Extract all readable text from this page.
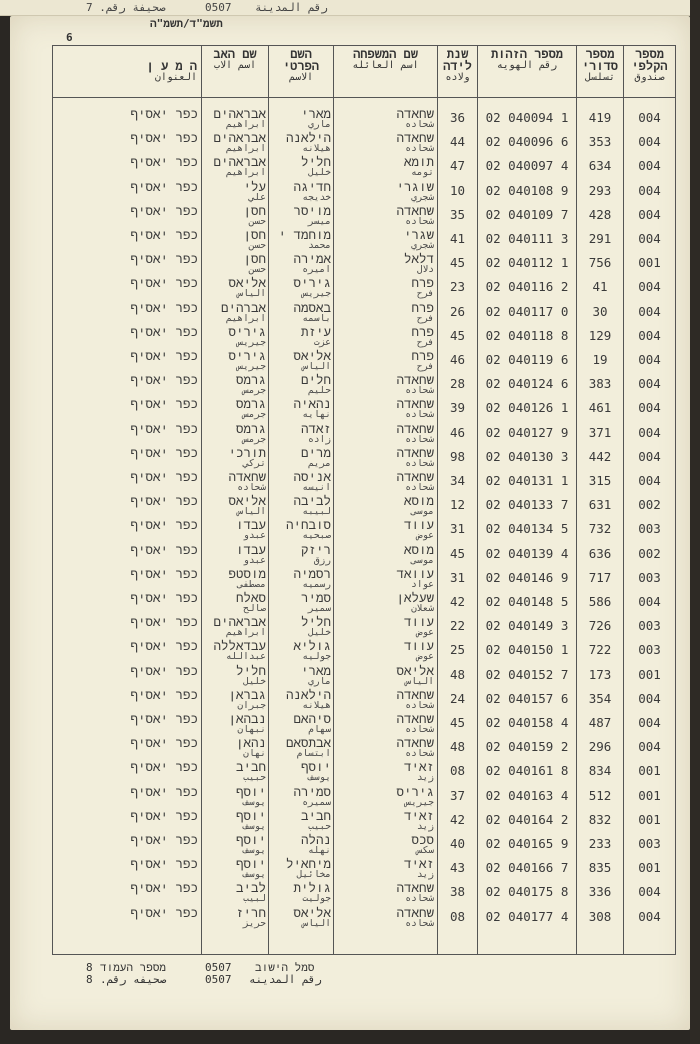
رقم المدينة
0507
صحيفة رقم. 7
תשמ"ד/תשמ"ה
6
מספר הקלפי
صندوق
מספר סדורי
تسلسل
מספר הזהות
رقم الهويه
שנת לידה
ولاده
שם המשפחה
اسم العائله
השם הפרטי
الاسم
שם האב
اسم الاب
ה מ ע ן
العنوان
004
419
02 040094 1
36
שחאדה
شحاده
מארי
ماري
אבראהים
ابراهيم
כפר יאסיף
004
353
02 040096 6
44
שחאדה
شحاده
הילאנה
هيلانه
אבראהים
ابراهيم
כפר יאסיף
004
634
02 040097 4
47
תומא
تومه
חליל
خليل
אבראהים
ابراهيم
כפר יאסיף
004
293
02 040108 9
10
שוגרי
شجري
חדיגה
خديجه
עלי
علي
כפר יאסיף
004
428
02 040109 7
35
שחאדה
شحاده
מויסר
ميسر
חסן
حسن
כפר יאסיף
004
291
02 040111 3
41
שגרי
شجري
מוחמד י
محمد
חסן
حسن
כפר יאסיף
001
756
02 040112 1
45
דלאל
دلال
אמירה
اميره
חסן
حسن
כפר יאסיף
004
41
02 040116 2
23
פרח
فرح
גיריס
جيريس
אליאס
الياس
כפר יאסיף
004
30
02 040117 0
26
פרח
فرح
באסמה
باسمه
אברהים
ابراهيم
כפר יאסיף
004
129
02 040118 8
45
פרח
فرح
עיזת
عزت
גיריס
جيريس
כפר יאסיף
004
19
02 040119 6
46
פרח
فرح
אליאס
الياس
גיריס
جيريس
כפר יאסיף
004
383
02 040124 6
28
שחאדה
شحاده
חלים
حليم
גרמס
جرمس
כפר יאסיף
004
461
02 040126 1
39
שחאדה
شحاده
נהאיה
نهايه
גרמס
جرمس
כפר יאסיף
004
371
02 040127 9
46
שחאדה
شحاده
זאדה
زاده
גרמס
جرمس
כפר יאסיף
004
442
02 040130 3
98
שחאדה
شحاده
מרים
مريم
תורכי
تركي
כפר יאסיף
004
315
02 040131 1
34
שחאדה
شحاده
אניסה
انيسه
שחאדה
شحاده
כפר יאסיף
002
631
02 040133 7
12
מוסא
موسى
לביבה
لبيبه
אליאס
الياس
כפר יאסיף
003
732
02 040134 5
31
עווד
عوض
סובחיה
صبحيه
עבדו
عبدو
כפר יאסיף
002
636
02 040139 4
45
מוסא
موسى
ריזק
رزق
עבדו
عبدو
כפר יאסיף
003
717
02 040146 9
31
עוואד
عواد
רסמיה
رسميه
מוסטפ
مصطفى
כפר יאסיף
004
586
02 040148 5
42
שעלאן
شعلان
סמיר
سمير
סאלח
صالح
כפר יאסיף
003
726
02 040149 3
22
עווד
عوض
חליל
خليل
אבראהים
ابراهيم
כפר יאסיף
003
722
02 040150 1
25
עווד
عوض
גוליא
جوليه
עבדאללה
عبدالله
כפר יאסיף
001
173
02 040152 7
48
אליאס
الياس
מארי
ماري
חליל
خليل
כפר יאסיף
004
354
02 040157 6
24
שחאדה
شحاده
הילאנה
هيلانه
גבראן
جبران
כפר יאסיף
004
487
02 040158 4
45
שחאדה
شحاده
סיהאם
سهام
נבהאן
نبهان
כפר יאסיף
004
296
02 040159 2
48
שחאדה
شحاده
אבתסאם
ابتسام
נהאן
نهان
כפר יאסיף
001
834
02 040161 8
08
זאיד
زيد
יוסף
يوسف
חביב
حبيب
כפר יאסיף
001
512
02 040163 4
37
גיריס
جيريس
סמירה
سميره
יוסף
يوسف
כפר יאסיף
001
832
02 040164 2
42
זאיד
زيد
חביב
حبيب
יוסף
يوسف
כפר יאסיף
003
233
02 040165 9
40
סכס
سكس
נהלה
نهله
יוסף
يوسف
כפר יאסיף
001
835
02 040166 7
43
זאיד
زيد
מיחאיל
مخائيل
יוסף
يوسف
כפר יאסיף
004
336
02 040175 8
38
שחאדה
شحاده
גולית
جوليت
לביב
لبيب
כפר יאסיף
004
308
02 040177 4
08
שחאדה
شحاده
אליאס
الياس
חריז
حريز
כפר יאסיף
סמל הישוב
رقم المدينه
0507
0507
מספר העמוד
صحيفه رقم.
8
8
